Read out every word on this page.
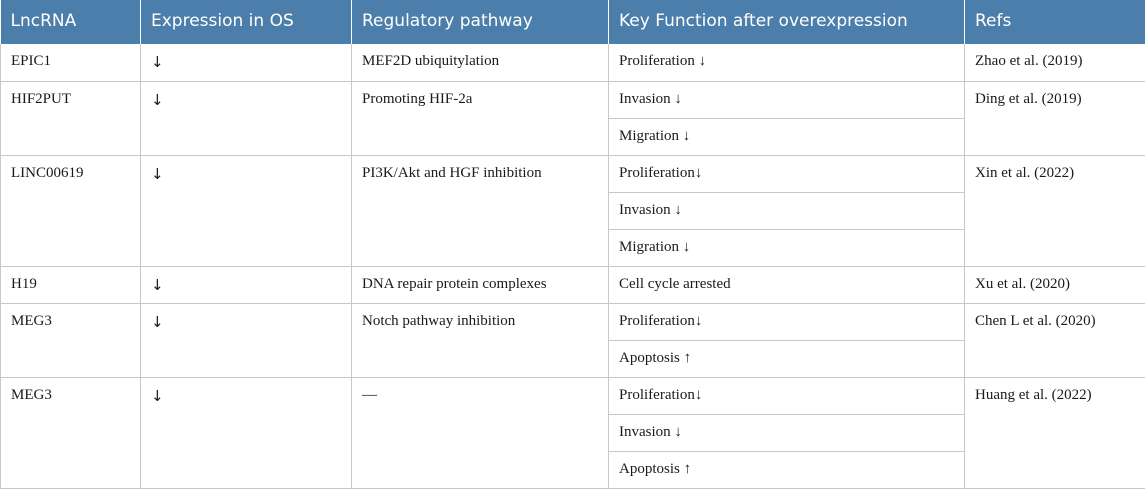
LncRNA	Expression in OS	Regulatory pathway	Key Function after overexpression	Refs
EPIC1	↓	MEF2D ubiquitylation	Proliferation ↓	Zhao et al. (2019)
HIF2PUT	↓	Promoting HIF-2a	Invasion ↓	Ding et al. (2019)
			Migration ↓	
LINC00619	↓	PI3K/Akt and HGF inhibition	Proliferation↓	Xin et al. (2022)
			Invasion ↓	
			Migration ↓	
H19	↓	DNA repair protein complexes	Cell cycle arrested	Xu et al. (2020)
MEG3	↓	Notch pathway inhibition	Proliferation↓	Chen L et al. (2020)
			Apoptosis ↑	
MEG3	↓	—	Proliferation↓	Huang et al. (2022)
			Invasion ↓	
			Apoptosis ↑	
